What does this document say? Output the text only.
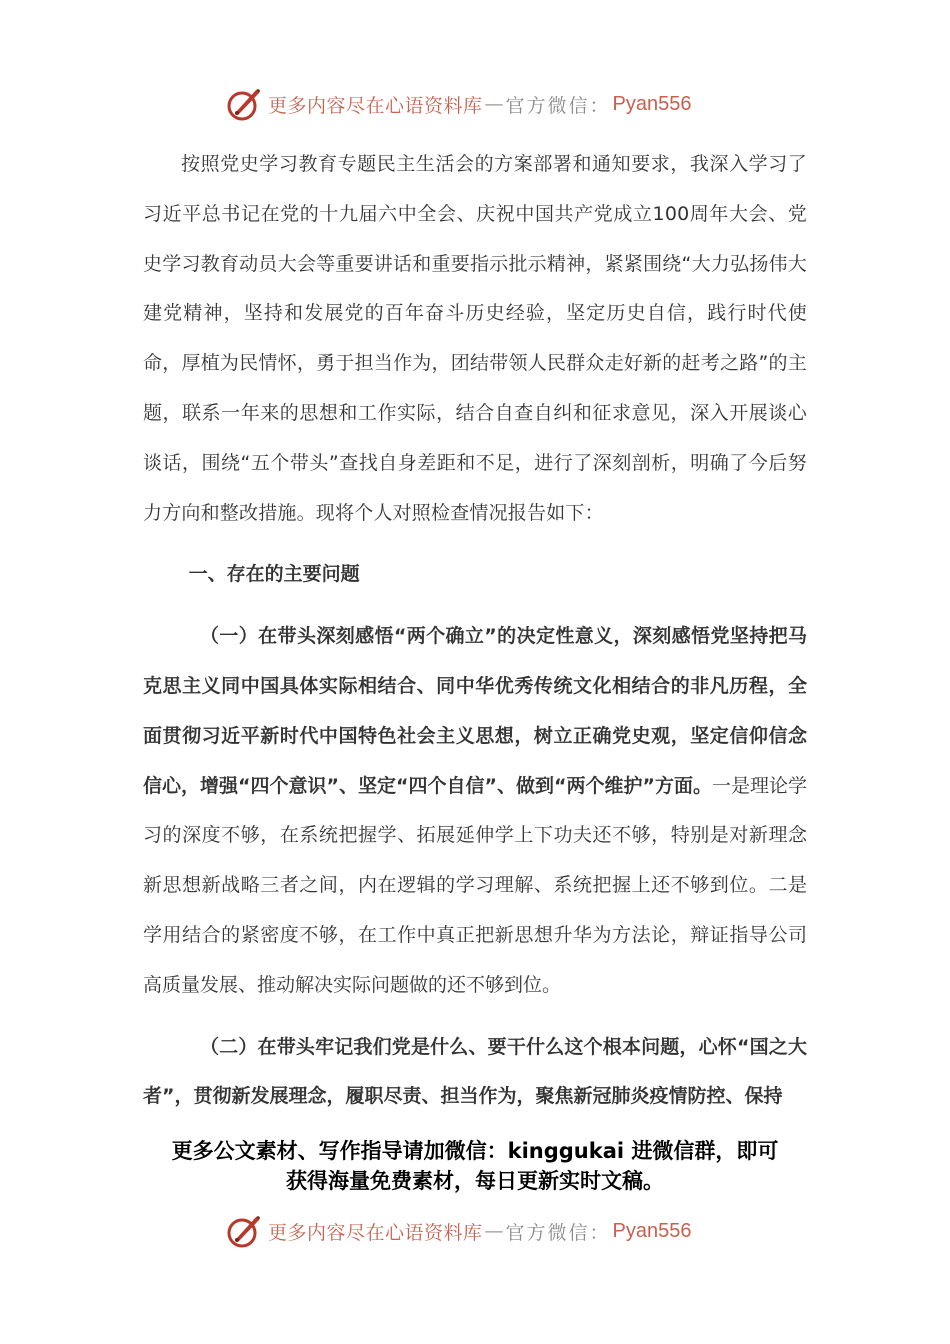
更多内容尽在心语资料库 — 官方微信： Pyan556

按照党史学习教育专题民主生活会的方案部署和通知要求，我深入学习了习近平总书记在党的十九届六中全会、庆祝中国共产党成立100周年大会、党史学习教育动员大会等重要讲话和重要指示批示精神，紧紧围绕“大力弘扬伟大建党精神，坚持和发展党的百年奋斗历史经验，坚定历史自信，践行时代使命，厚植为民情怀，勇于担当作为，团结带领人民群众走好新的赶考之路”的主题，联系一年来的思想和工作实际，结合自查自纠和征求意见，深入开展谈心谈话，围绕“五个带头”查找自身差距和不足，进行了深刻剖析，明确了今后努力方向和整改措施。现将个人对照检查情况报告如下：

一、存在的主要问题

（一）在带头深刻感悟“两个确立”的决定性意义，深刻感悟党坚持把马克思主义同中国具体实际相结合、同中华优秀传统文化相结合的非凡历程，全面贯彻习近平新时代中国特色社会主义思想，树立正确党史观，坚定信仰信念信心，增强“四个意识”、坚定“四个自信”、做到“两个维护”方面。一是理论学习的深度不够，在系统把握学、拓展延伸学上下功夫还不够，特别是对新理念新思想新战略三者之间，内在逻辑的学习理解、系统把握上还不够到位。二是学用结合的紧密度不够，在工作中真正把新思想升华为方法论，辩证指导公司高质量发展、推动解决实际问题做的还不够到位。

（二）在带头牢记我们党是什么、要干什么这个根本问题，心怀“国之大者”，贯彻新发展理念，履职尽责、担当作为，聚焦新冠肺炎疫情防控、保持

更多公文素材、写作指导请加微信：kinggukai 进微信群，即可
获得海量免费素材，每日更新实时文稿。
更多内容尽在心语资料库 — 官方微信： Pyan556
